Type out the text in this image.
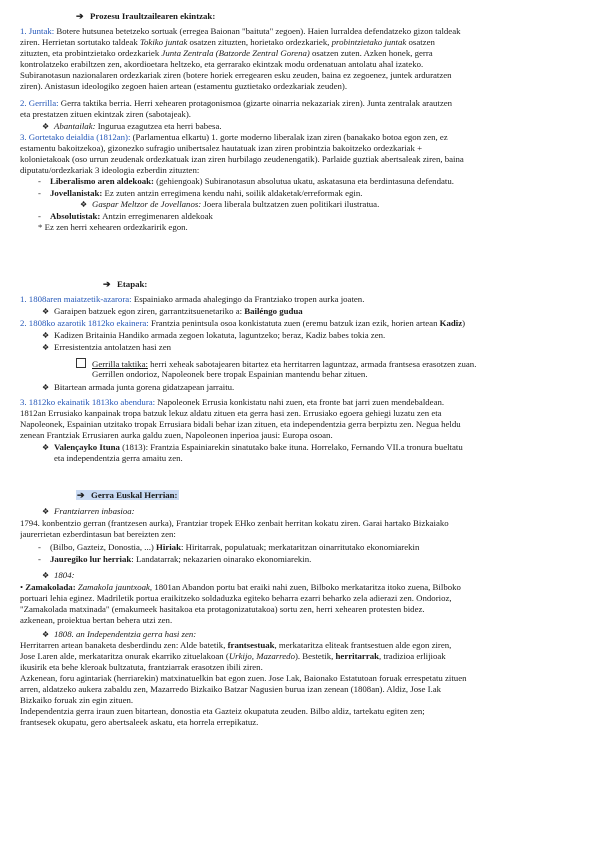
➔ Prozesu Iraultzailearen ekintzak:
1. Juntak: Botere hutsunea betetzeko sortuak (erregea Baionan "baituta" zegoen). Haien lurraldea defendatzeko gizon taldeak
ziren. Herrietan sortutako taldeak Tokiko juntak osatzen zituzten, horietako ordezkariek, probintzietako juntak osatzen
zituzten, eta probintzietako ordezkariek Junta Zentrala (Batzorde Zentral Gorena) osatzen zuten. Azken honek, gerra
kontrolatzeko erabiltzen zen, akordioetara heltzeko, eta gerrarako ekintzak modu ordenatuan antolatu ahal izateko.
Subiranotasun nazionalaren ordezkariak ziren (botere horiek erregearen esku zeuden, baina ez zegoenez, juntek arduratzen
ziren). Anistasun ideologiko zegoen haien artean (estamentu guztietako ordezkariak zeuden).
2. Gerrilla: Gerra taktika berria. Herri xehearen protagonismoa (gizarte oinarria nekazariak ziren). Junta zentralak arautzen
eta prestatzen zituen ekintzak ziren (sabotajeak).
❖ Abantailak: Ingurua ezagutzea eta herri babesa.
3. Gortetako deialdia (1812an): (Parlamentua elkartu) 1. gorte moderno liberalak izan ziren (banakako botoa egon zen, ez
estamentu bakoitzekoa), gizonezko sufragio unibertsalez hautatuak izan ziren probintzia bakoitzeko ordezkariak +
kolonietakoak (oso urrun zeudenak ordezkatuak izan ziren hurbilago zeudenengatik). Parlaide guztiak abertsaleak ziren, baina
diputatu/ordezkariak 3 ideologia ezberdin zituzten:
- Liberalismo aren aldekoak: (gehiengoak) Subiranotasun absolutua ukatu, askatasuna eta berdintasuna defendatu.
- Jovellanistak: Ez zuten antzin erregimena kendu nahi, soilik aldaketak/erreformak egin.
❖ Gaspar Meltzor de Jovellanos: Joera liberala bultzatzen zuen politikari ilustratua.
- Absolutistak: Antzin erregimenaren aldekoak
* Ez zen herri xehearen ordezkaririk egon.
➔ Etapak:
1. 1808aren maiatzetik-azarora: Espainiako armada ahalegingo da Frantziako tropen aurka joaten.
❖ Garaipen batzuek egon ziren, garrantzitsuenetariko a: Bailéngo gudua
2. 1808ko azarotik 1812ko ekainera: Frantzia penintsula osoa konkistatuta zuen (eremu batzuk izan ezik, horien artean Kadiz)
❖ Kadizen Britainia Handiko armada zegoen lokatuta, laguntzeko; beraz, Kadiz babes tokia zen.
❖ Erresistentzia antolatzen hasi zen
Gerrilla taktika: herri xeheak sabotajearen bitartez eta herritarren laguntzaz, armada frantsesa erasotzen zuan.
Gerrillen ondorioz, Napoleonek bere tropak Espainian mantendu behar zituen.
❖ Bitartean armada junta gorena gidatzapean jarraitu.
3. 1812ko ekainatik 1813ko abendura: Napoleonek Errusia konkistatu nahi zuen, eta fronte bat jarri zuen mendebaldean.
1812an Errusiako kanpainak tropa batzuk lekuz aldatu zituen eta gerra hasi zen. Errusiako egoera gehiegi luzatu zen eta
Napoleonek, Espainian utzitako tropak Errusiara bidali behar izan zituen, eta independentzia gerra berpiztu zen. Negua heldu
zenean Frantziak Errusiaren aurka galdu zuen, Napoleonen inperioa jausi: Europa osoan.
❖ Valençayko Ituna (1813): Frantzia Espainiarekin sinatutako bake ituna. Horrelako, Fernando VII.a tronura bueltatu
eta independentzia gerra amaitu zen.
➔ Gerra Euskal Herrian:
❖ Frantziarren inbasioa:
1794. konbentzio gerran (frantzesen aurka), Frantziar tropek EHko zenbait herritan kokatu ziren. Garai hartako Bizkaiako
jaurerrietan ezberdintasun bat bereizten zen:
- (Bilbo, Gazteiz, Donostia, ...) Hiriak: Hiritarrak, populatuak; merkataritzan oinarritutako ekonomiarekin
- Jauregiko lur herriak: Landatarrak; nekazarien oinarako ekonomiarekin.
❖ 1804:
• Zamakolada: Zamakola jauntxoak, 1801an Abandon portu bat eraiki nahi zuen, Bilboko merkataritza itoko zuena, Bilboko
portuari lehia eginez. Madriletik portua eraikitzeko soldaduzka egiteko beharra ezarri beharko zela adierazi zen. Ondorioz,
"Zamakolada matxinada" (emakumeek hasitakoa eta protagonizatutakoa) sortu zen, herri xehearen protesten bidez.
azkenean, proiektua bertan behera utzi zen.
❖ 1808. an Independentzia gerra hasi zen:
Herritarren artean banaketa desberdindu zen: Alde batetik, frantsestuak, merkataritza eliteak frantsestuen alde egon ziren,
Jose I.aren alde, merkataritza onurak ekarriko zituelakoan (Urkijo, Mazarredo). Bestetik, herritarrak, tradizioa erlijioak
ikusirik eta behe kleroak bultzatuta, frantziarrak erasotzen ibili ziren.
Azkenean, foru agintariak (herriarekin) matxinatuelkin bat egon zuen. Jose I.ak, Baionako Estatutoan foruak errespetatu zituen
arren, aldatzeko aukera zabaldu zen, Mazarredo Bizkaiko Batzar Nagusien burua izan zenean (1808an). Aldiz, Jose I.ak
Bizkaiko foruak zin egin zituen.
Independentzia gerra iraun zuen bitartean, donostia eta Gazteiz okupatuta zeuden. Bilbo aldiz, tartekatu egiten zen;
frantsesek okupatu, gero abertsaleek askatu, eta horrela errepikatuz.
